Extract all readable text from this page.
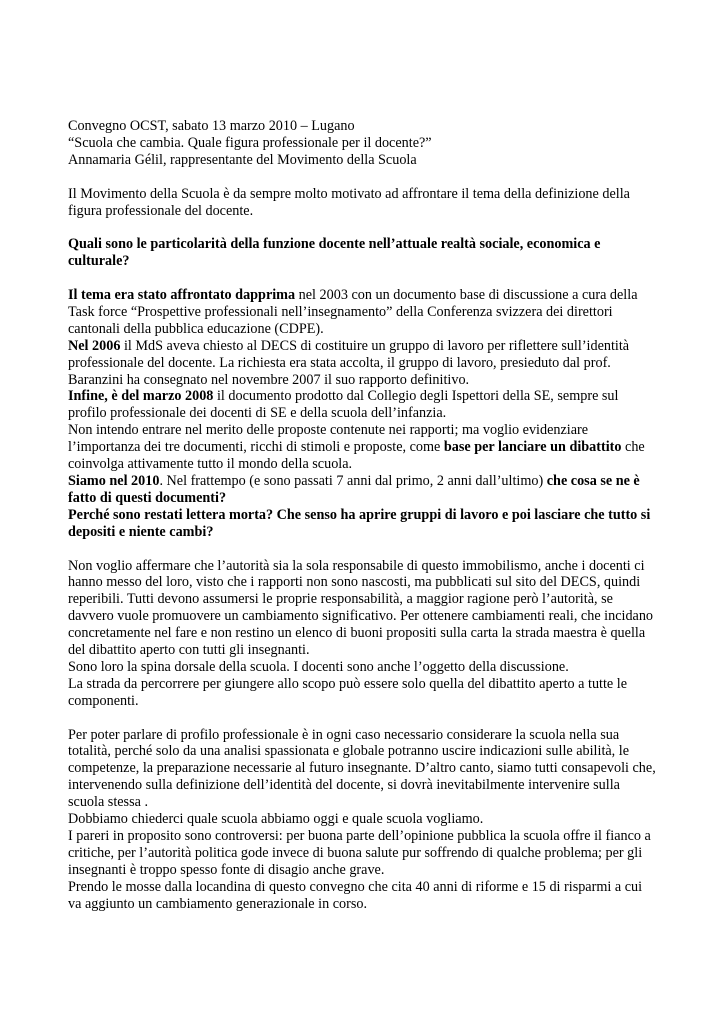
Convegno OCST, sabato 13 marzo 2010 – Lugano

“Scuola che cambia. Quale figura professionale per il docente?”

Annamaria Gélil, rappresentante del Movimento della Scuola

Il Movimento della Scuola è da sempre molto motivato ad affrontare il tema della definizione della figura professionale del docente.

Quali sono le particolarità della funzione docente nell’attuale realtà sociale, economica e culturale?

Il tema era stato affrontato dapprima nel 2003 con un documento base di discussione a cura della Task force “Prospettive professionali nell’insegnamento” della Conferenza svizzera dei direttori cantonali della pubblica educazione (CDPE).

Nel 2006 il MdS aveva chiesto al DECS di costituire un gruppo di lavoro per riflettere sull’identità professionale del docente. La richiesta era stata accolta, il gruppo di lavoro, presieduto dal prof. Baranzini ha consegnato nel novembre 2007 il suo rapporto definitivo.

Infine, è del marzo 2008 il documento prodotto dal Collegio degli Ispettori della SE, sempre sul profilo professionale dei docenti di SE e della scuola dell’infanzia.

Non intendo entrare nel merito delle proposte contenute nei rapporti; ma voglio evidenziare l’importanza dei tre documenti, ricchi di stimoli e proposte, come base per lanciare un dibattito che coinvolga attivamente tutto il mondo della scuola.

Siamo nel 2010. Nel frattempo (e sono passati 7 anni dal primo, 2 anni dall’ultimo) che cosa se ne è fatto di questi documenti?

Perché sono restati lettera morta? Che senso ha aprire gruppi di lavoro e poi lasciare che tutto si depositi e niente cambi?

Non voglio affermare che l’autorità sia la sola responsabile di questo immobilismo, anche i docenti ci hanno messo del loro, visto che i rapporti non sono nascosti, ma pubblicati sul sito del DECS, quindi reperibili. Tutti devono assumersi le proprie responsabilità, a maggior ragione però l’autorità, se davvero vuole promuovere un cambiamento significativo. Per ottenere cambiamenti reali, che incidano concretamente nel fare e non restino un elenco di buoni propositi sulla carta la strada maestra è quella del dibattito aperto con tutti gli insegnanti.

Sono loro la spina dorsale della scuola. I docenti sono anche l’oggetto della discussione.

La strada da percorrere per giungere allo scopo può essere solo quella del dibattito aperto a tutte le componenti.

Per poter parlare di profilo professionale è in ogni caso necessario considerare la scuola nella sua totalità, perché solo da una analisi spassionata e globale potranno uscire indicazioni sulle abilità, le competenze, la preparazione necessarie al futuro insegnante. D’altro canto, siamo tutti consapevoli che, intervenendo sulla definizione dell’identità del docente, si dovrà inevitabilmente intervenire sulla scuola stessa .

Dobbiamo chiederci quale scuola abbiamo oggi e quale scuola vogliamo.

I pareri in proposito sono controversi: per buona parte dell’opinione pubblica la scuola offre il fianco a critiche, per l’autorità politica gode invece di buona salute pur soffrendo di qualche problema; per gli insegnanti è troppo spesso fonte di disagio anche grave.

Prendo le mosse dalla locandina di questo convegno che cita 40 anni di riforme e 15 di risparmi a cui va aggiunto un cambiamento generazionale in corso.
